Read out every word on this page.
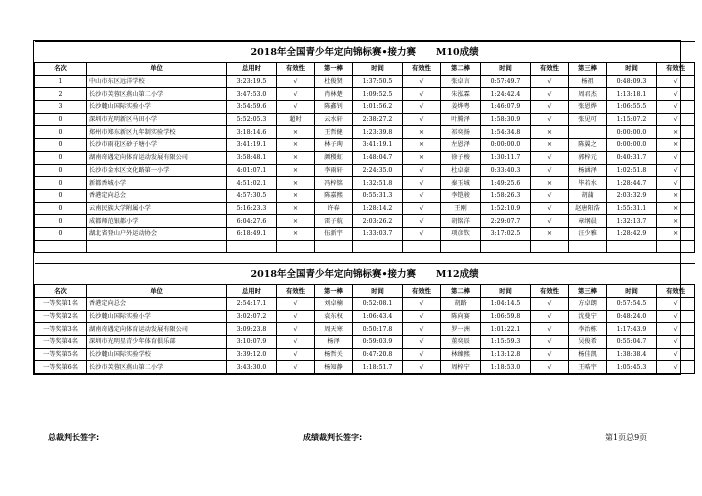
2018年全国青少年定向锦标赛•接力赛 M10成绩												
名次	单位	总用时	有效性	第一棒	时间	有效性	第二棒	时间	有效性	第三棒	时间	有效性
1	中山市东区远洋学校	3:23:19.5	√	杜俊贤	1:37:50.5	√	张卓言	0:57:49.7	√	杨祖	0:48:09.3	√
2	长沙市芙蓉区燕山第二小学	3:47:53.0	√	肖林楚	1:09:52.5	√	朱泓霖	1:24:42.4	√	周君杰	1:13:18.1	√
3	长沙麓山国际实验小学	3:54:59.6	√	陈鑫钊	1:01:56.2	√	姜烨粤	1:46:07.9	√	张恩烨	1:06:55.5	√
0	深圳市光明新区马田小学	5:52:05.3	超时	云水轩	2:38:27.2	√	叶腾泽	1:58:30.9	√	张见可	1:15:07.2	√
0	郑州市郑东新区九年制实验学校	3:18:14.6	×	王哲健	1:23:39.8	×	祁奕扬	1:54:34.8	×		0:00:00.0	×
0	长沙市雨花区砂子塘小学	3:41:19.1	×	林子珣	3:41:19.1	×	左恩泽	0:00:00.0	×	陈翼之	0:00:00.0	×
0	湖南奇遇定向体育运动发展有限公司	3:58:48.1	×	颜稷虹	1:48:04.7	×	徐子梭	1:30:11.7	√	郭梓元	0:40:31.7	√
0	长沙市金水区文化路第一小学	4:01:07.1	×	李雨轩	2:24:35.0	√	杜卓豪	0:33:40.3	√	杨涵泽	1:02:51.8	√
0	新都香城小学	4:51:02.1	×	冯梓铭	1:32:51.8	√	秦玉城	1:49:25.6	×	毕若水	1:28:44.7	√
0	香港定向总会	4:57:30.5	×	陈嘉熙	0:55:31.3	√	李铠骏	1:58:26.3	√	胡蒲	2:03:32.9	×
0	云南民族大学附属小学	5:16:23.3	×	许春	1:28:14.2	√	王刚	1:52:10.9	√	赵唐阳浩	1:55:31.1	×
0	成都师范银都小学	6:04:27.6	×	雷子航	2:03:26.2	√	胡铭洋	2:29:07.7	√	章纲晨	1:32:13.7	×
0	湖北省登山户外运动协会	6:18:49.1	×	伍新宇	1:33:03.7	√	项彦钦	3:17:02.5	×	汪少雅	1:28:42.9	×

2018年全国青少年定向锦标赛•接力赛 M12成绩												
名次	单位	总用时	有效性	第一棒	时间	有效性	第二棒	时间	有效性	第三棒	时间	有效性
一等奖第1名	香港定向总会	2:54:17.1	√	刘卓楠	0:52:08.1	√	胡路	1:04:14.5	√	方卓朗	0:57:54.5	√
一等奖第2名	长沙麓山国际实验小学	3:02:07.2	√	袁东权	1:06:43.4	√	陈向赛	1:06:59.8	√	沈曼宁	0:48:24.0	√
一等奖第3名	湖南奇遇定向体育运动发展有限公司	3:09:23.8	√	周天寒	0:50:17.8	√	罗一洲	1:01:22.1	√	李治栋	1:17:43.9	√
一等奖第4名	深圳市光明星青少年体育俱乐部	3:10:07.9	√	杨泽	0:59:03.9	√	董奕辰	1:15:59.3	√	吴俊希	0:55:04.7	√
一等奖第5名	长沙麓山国际实验学校	3:39:12.0	√	杨哲关	0:47:20.8	√	林臻熙	1:13:12.8	√	杨佳凯	1:38:38.4	√
一等奖第6名	长沙市芙蓉区燕山第二小学	3:43:30.0	√	杨知静	1:18:51.7	√	周梓宁	1:18:53.0	√	王晧宇	1:05:45.3	√
总裁判长签字:	成绩裁判长签字:	第1页总9页
